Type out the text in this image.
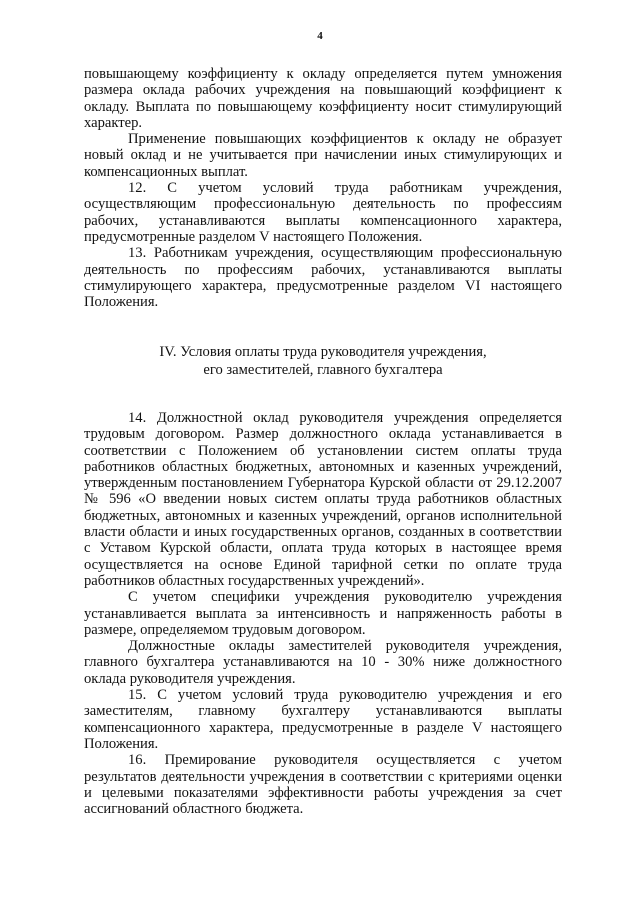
4

повышающему коэффициенту к окладу определяется путем умножения размера оклада рабочих учреждения на повышающий коэффициент к окладу. Выплата по повышающему коэффициенту носит стимулирующий характер.

Применение повышающих коэффициентов к окладу не образует новый оклад и не учитывается при начислении иных стимулирующих и компенсационных выплат.

12. С учетом условий труда работникам учреждения, осуществляющим профессиональную деятельность по профессиям рабочих, устанавливаются выплаты компенсационного характера, предусмотренные разделом V настоящего Положения.

13. Работникам учреждения, осуществляющим профессиональную деятельность по профессиям рабочих, устанавливаются выплаты стимулирующего характера, предусмотренные разделом VI настоящего Положения.

IV. Условия оплаты труда руководителя учреждения,
его заместителей, главного бухгалтера

14. Должностной оклад руководителя учреждения определяется трудовым договором. Размер должностного оклада устанавливается в соответствии с Положением об установлении систем оплаты труда работников областных бюджетных, автономных и казенных учреждений, утвержденным постановлением Губернатора Курской области от 29.12.2007 № 596 «О введении новых систем оплаты труда работников областных бюджетных, автономных и казенных учреждений, органов исполнительной власти области и иных государственных органов, созданных в соответствии с Уставом Курской области, оплата труда которых в настоящее время осуществляется на основе Единой тарифной сетки по оплате труда работников областных государственных учреждений».

С учетом специфики учреждения руководителю учреждения устанавливается выплата за интенсивность и напряженность работы в размере, определяемом трудовым договором.

Должностные оклады заместителей руководителя учреждения, главного бухгалтера устанавливаются на 10 - 30% ниже должностного оклада руководителя учреждения.

15. С учетом условий труда руководителю учреждения и его заместителям, главному бухгалтеру устанавливаются выплаты компенсационного характера, предусмотренные в разделе V настоящего Положения.

16. Премирование руководителя осуществляется с учетом результатов деятельности учреждения в соответствии с критериями оценки и целевыми показателями эффективности работы учреждения за счет ассигнований областного бюджета.
